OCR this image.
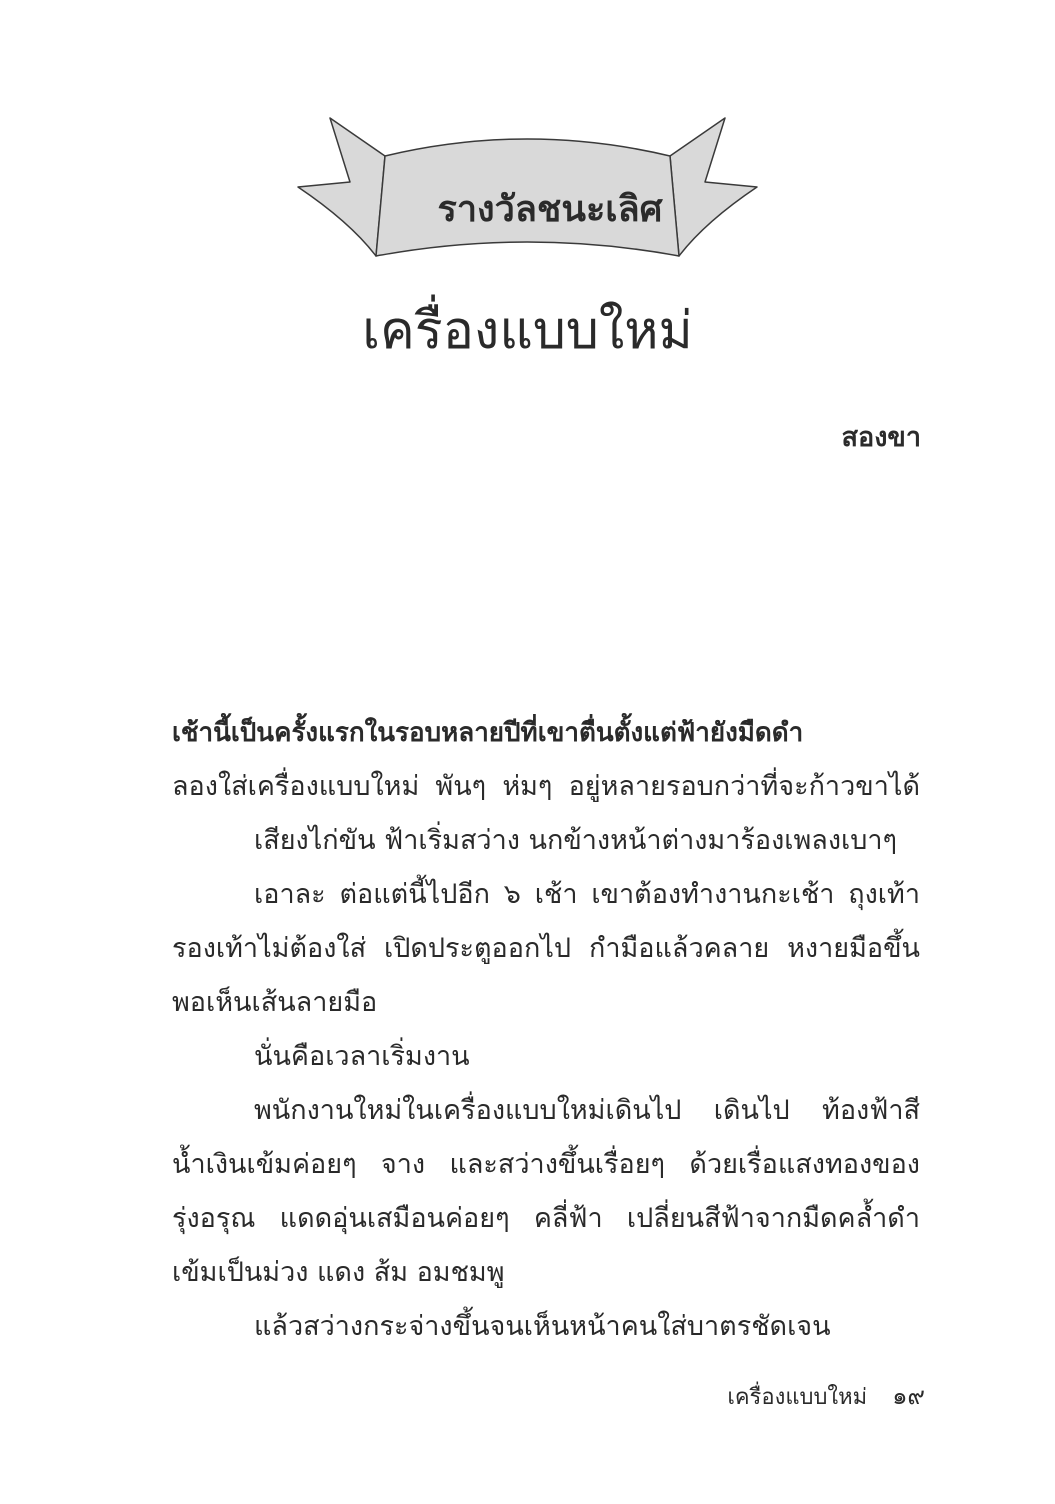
รางวัลชนะเลิศ
เครื่องแบบใหม่
สองขา
เช้านี้เป็นครั้งแรกในรอบหลายปีที่เขาตื่นตั้งแต่ฟ้ายังมืดดำ
ลองใส่เครื่องแบบใหม่ พันๆ ห่มๆ อยู่หลายรอบกว่าที่จะก้าวขาได้
เสียงไก่ขัน ฟ้าเริ่มสว่าง นกข้างหน้าต่างมาร้องเพลงเบาๆ
เอาละ ต่อแต่นี้ไปอีก ๖ เช้า เขาต้องทำงานกะเช้า ถุงเท้า
รองเท้าไม่ต้องใส่ เปิดประตูออกไป กำมือแล้วคลาย หงายมือขึ้น
พอเห็นเส้นลายมือ
นั่นคือเวลาเริ่มงาน
พนักงานใหม่ในเครื่องแบบใหม่เดินไป เดินไป ท้องฟ้าสี
น้ำเงินเข้มค่อยๆ จาง และสว่างขึ้นเรื่อยๆ ด้วยเรื่อแสงทองของ
รุ่งอรุณ แดดอุ่นเสมือนค่อยๆ คลี่ฟ้า เปลี่ยนสีฟ้าจากมืดคล้ำดำ
เข้มเป็นม่วง แดง ส้ม อมชมพู
แล้วสว่างกระจ่างขึ้นจนเห็นหน้าคนใส่บาตรชัดเจน
เครื่องแบบใหม่ ๑๙
